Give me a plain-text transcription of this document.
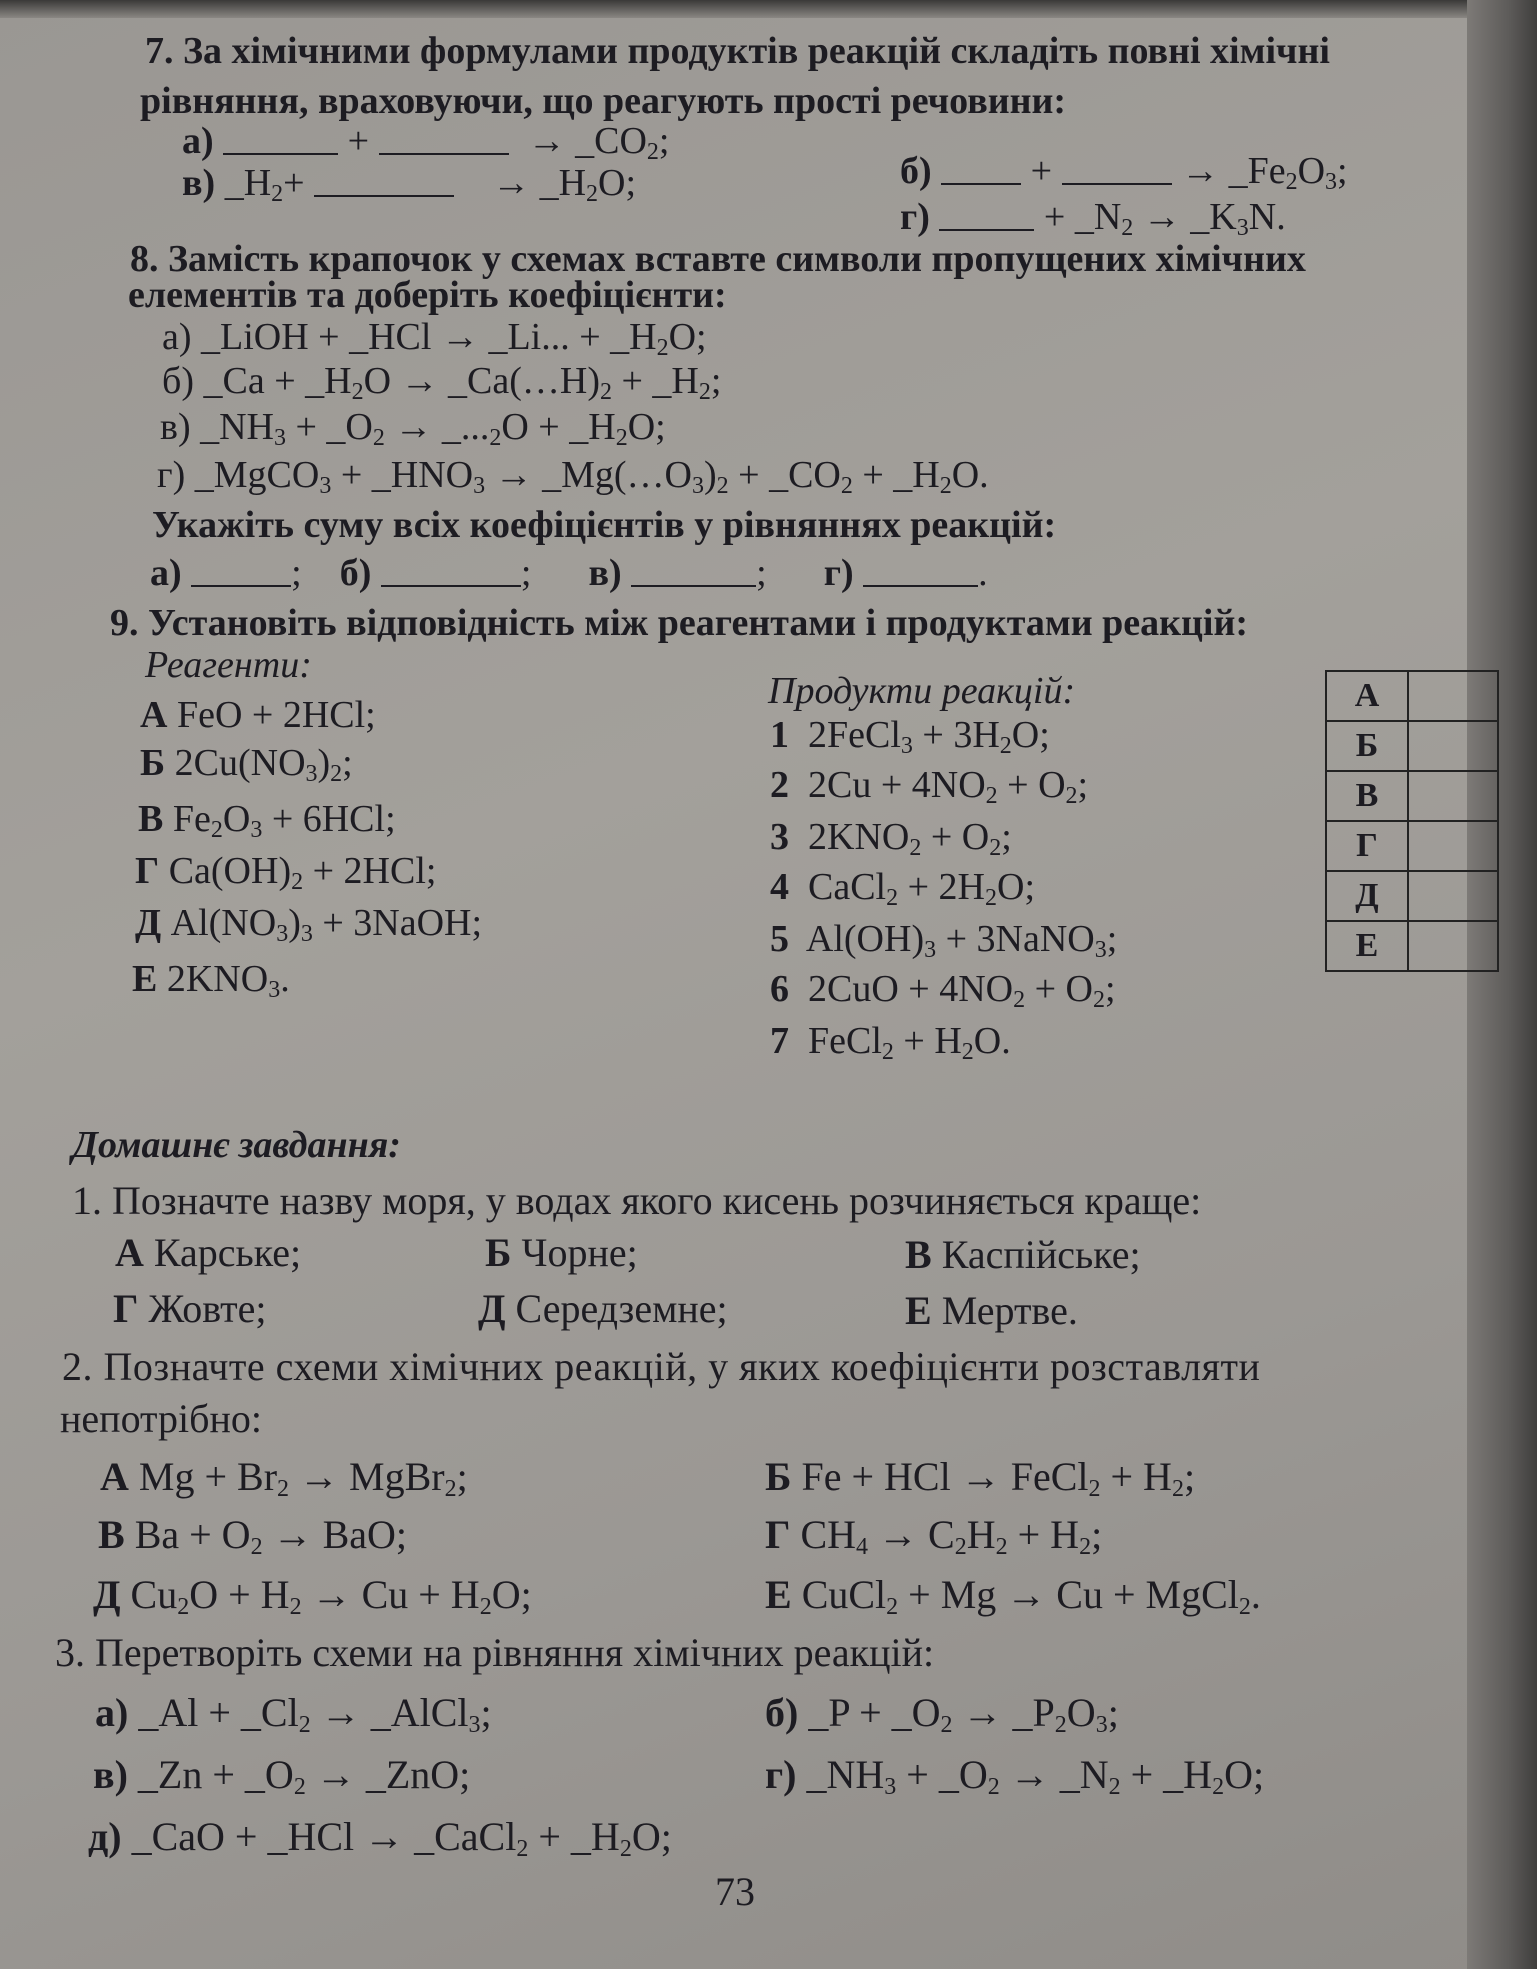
7. За хімічними формулами продуктів реакцій складіть повні хімічні
рівняння, враховуючи, що реагують прості речовини:
а)	+	→ $\_CO_2$;
в) $\_H_2+$	→ $\_H_2O$;	б)	+	→ $\_Fe_2O_3$;
г)	+ $\_N_2$ → $\_K_3N$.
8. Замість крапочок у схемах вставте символи пропущених хімічних
елементів та доберіть коефіцієнти:
а) _LiOH + _HCl → _Li... + $\_H_2O$;
б) _Ca + $\_H_2O$ → $\_Ca(\dots H)_2$ + $\_H_2$;
в) $\_NH_3$ + $\_O_2$ → $\_..._2O$ + $\_H_2O$;
г) _MgCO$_3$ + $\_HNO_3$ → $\_Mg(\dots O_3)_2$ + $\_CO_2$ + $\_H_2O$.
Укажіть суму всіх коефіцієнтів у рівняннях реакцій:
а)	; б)	; в)	; г)	.
9. Установіть відповідність між реагентами і продуктами реакцій:
Реагенти:
Продукти реакцій:
А FeO + 2HCl;
Б $2Cu(NO_3)_2$;
В $Fe_2O_3 + 6HCl$;
Г $Ca(OH)_2 + 2HCl$;
Д $Al(NO_3)_3$ + 3NaOH;
Е $2KNO_3$.
1 2FeCl$_3$ + $3H_2O$;
2 $2Cu + 4NO_2 + O_2$;
3 $2KNO_2 + O_2$;
4 CaCl$_2$ + $2H_2O$;
5 $Al(OH)_3$ + 3NaNO$_3$;
6 $2CuO + 4NO_2 + O_2$;
7 FeCl$_2$ + $H_2O$.
А	
Б	
В	
Г	
Д	
Е	
Домашнє завдання:
1. Позначте назву моря, у водах якого кисень розчиняється краще:
А Карське;	Б Чорне;	В Каспійське;
Г Жовте;	Д Середземне;	Е Мертве.
2. Позначте схеми хімічних реакцій, у яких коефіцієнти розставляти
непотрібно:
А $Mg + Br_2$ → MgBr$_2$;	Б Fe + HCl → FeCl$_2$ + $H_2$;
В $Ba + O_2$ → BaO;	Г $CH_4 \to C_2H_2 + H_2$;
Д $Cu_2O + H_2 \to Cu + H_2O$;	Е CuCl$_2$ + Mg → Cu + MgCl$_2$.
3. Перетворіть схеми на рівняння хімічних реакцій:
а) _Al + $\_Cl_2$ → _AlCl$_3$;	б) _P + $\_O_2$ → $\_P_2O_3$;
в) _Zn + $\_O_2$ → _ZnO;	г) $\_NH_3$ + $\_O_2$ → $\_N_2$ + $\_H_2O$;
д) _CaO + _HCl → _CaCl$_2$ + $\_H_2O$;
73
